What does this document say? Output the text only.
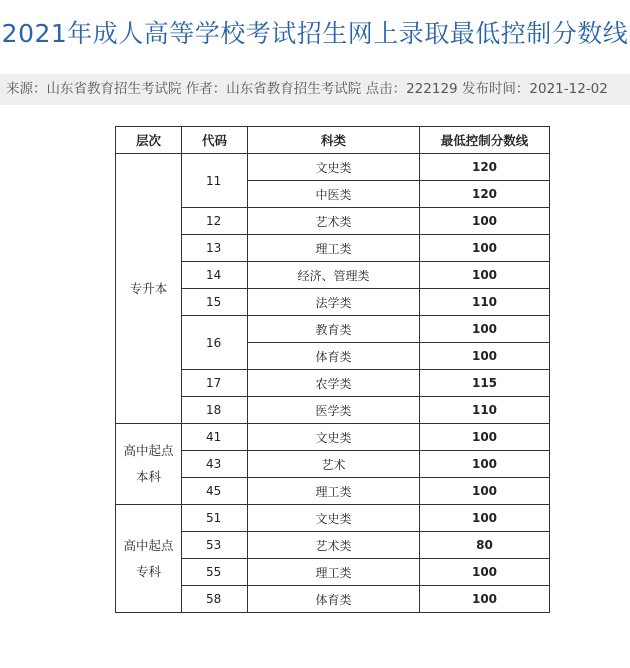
2021年成人高等学校考试招生网上录取最低控制分数线
来源：山东省教育招生考试院 作者：山东省教育招生考试院 点击：222129 发布时间：2021-12-02
层次	代码	科类	最低控制分数线

专升本	11	文史类	120
		中医类	120
	12	艺术类	100
	13	理工类	100
	14	经济、管理类	100
	15	法学类	110
	16	教育类	100
		体育类	100
	17	农学类	115
	18	医学类	110

高中起点
本科	41	文史类	100
	43	艺术	100
	45	理工类	100

高中起点
专科	51	文史类	100
	53	艺术类	80
	55	理工类	100
	58	体育类	100
